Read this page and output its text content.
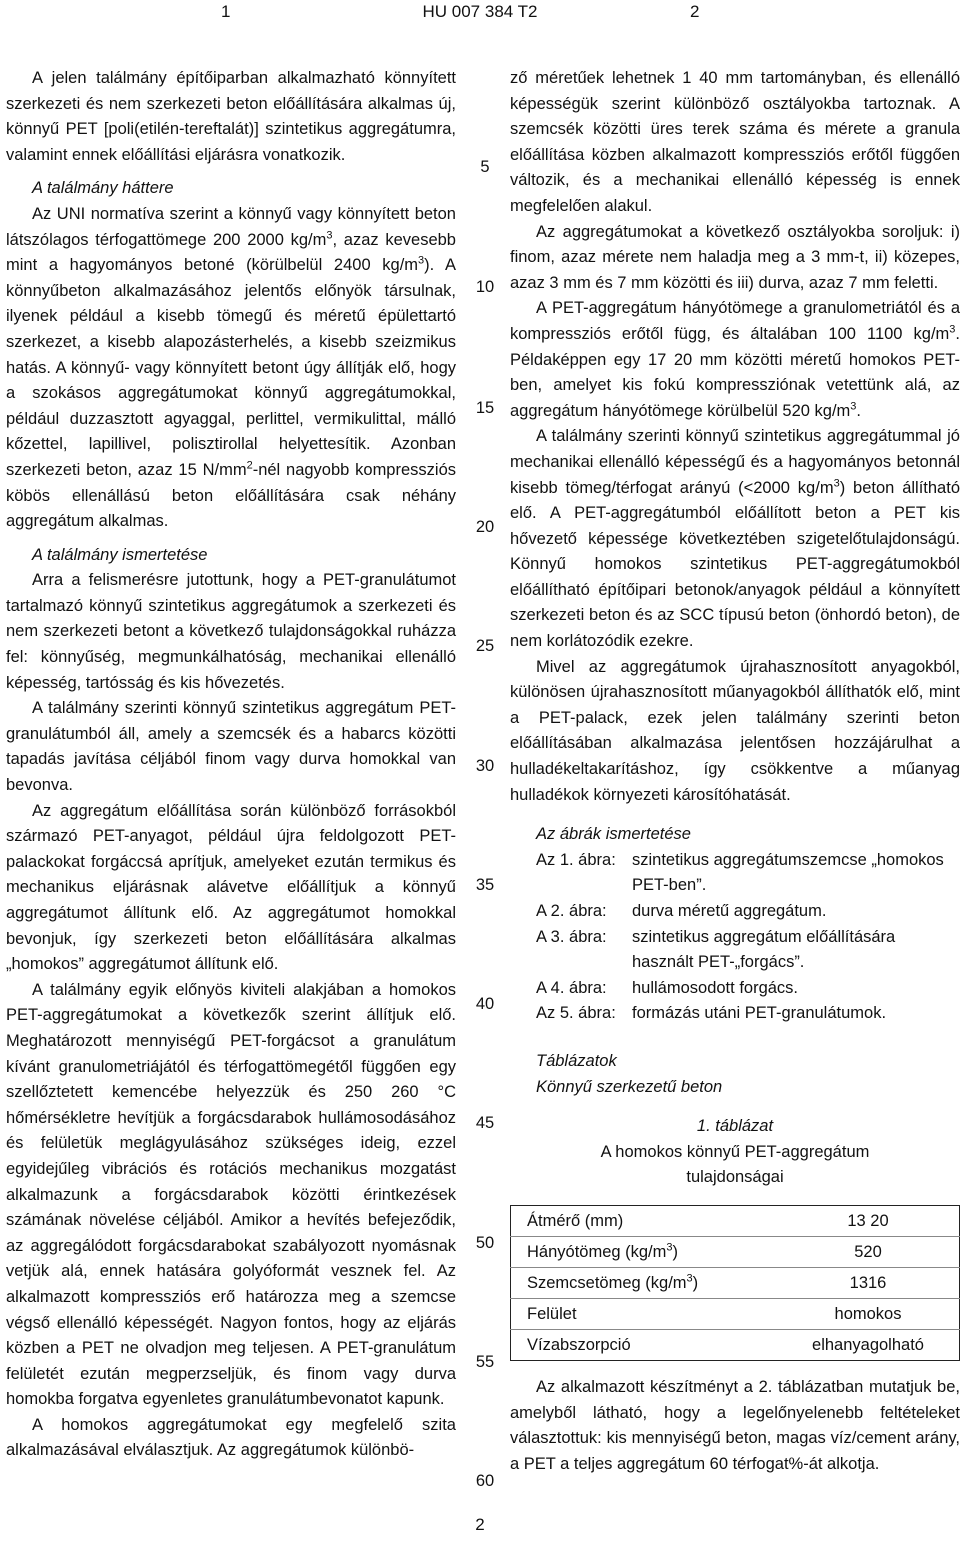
1	HU 007 384 T2	2
5
10
15
20
25
30
35
40
45
50
55
60

A jelen találmány építőiparban alkalmazható könnyített szerkezeti és nem szerkezeti beton előállítására alkalmas új, könnyű PET [poli(etilén-tereftalát)] szintetikus aggregátumra, valamint ennek előállítási eljárásra vonatkozik.

A találmány háttere

Az UNI normatíva szerint a könnyű vagy könnyített beton látszólagos térfogattömege 200 2000 $kg/m^3$, azaz kevesebb mint a hagyományos betoné (körülbelül 2400 $kg/m^3$). A könnyűbeton alkalmazásához jelentős előnyök társulnak, ilyenek például a kisebb tömegű és méretű épülettartó szerkezet, a kisebb alapozásterhelés, a kisebb szeizmikus hatás. A könnyű- vagy könnyített betont úgy állítják elő, hogy a szokásos aggregátumokat könnyű aggregátumokkal, például duzzasztott agyaggal, perlittel, vermikulittal, málló kőzettel, lapillivel, polisztirollal helyettesítik. Azonban szerkezeti beton, azaz 15 $N/mm^2$-nél nagyobb kompressziós köbös ellenállású beton előállítására csak néhány aggregátum alkalmas.

A találmány ismertetése

Arra a felismerésre jutottunk, hogy a PET-granulátumot tartalmazó könnyű szintetikus aggregátumok a szerkezeti és nem szerkezeti betont a következő tulajdonságokkal ruházza fel: könnyűség, megmunkálhatóság, mechanikai ellenálló képesség, tartósság és kis hővezetés.

A találmány szerinti könnyű szintetikus aggregátum PET-granulátumból áll, amely a szemcsék és a habarcs közötti tapadás javítása céljából finom vagy durva homokkal van bevonva.

Az aggregátum előállítása során különböző forrásokból származó PET-anyagot, például újra feldolgozott PET-palackokat forgáccsá aprítjuk, amelyeket ezután termikus és mechanikus eljárásnak alávetve előállítjuk a könnyű aggregátumot állítunk elő. Az aggregátumot homokkal bevonjuk, így szerkezeti beton előállítására alkalmas „homokos” aggregátumot állítunk elő.

A találmány egyik előnyös kiviteli alakjában a homokos PET-aggregátumokat a következők szerint állítjuk elő. Meghatározott mennyiségű PET-forgácsot a granulátum kívánt granulometriájától és térfogattömegétől függően egy szellőztetett kemencébe helyezzük és 250 260 °C hőmérsékletre hevítjük a forgácsdarabok hullámosodásához és felületük meglágyulásához szükséges ideig, ezzel egyidejűleg vibrációs és rotációs mechanikus mozgatást alkalmazunk a forgácsdarabok közötti érintkezések számának növelése céljából. Amikor a hevítés befejeződik, az aggregálódott forgácsdarabokat szabályozott nyomásnak vetjük alá, ennek hatására golyóformát vesznek fel. Az alkalmazott kompressziós erő határozza meg a szemcse végső ellenálló képességét. Nagyon fontos, hogy az eljárás közben a PET ne olvadjon meg teljesen. A PET-granulátum felületét ezután megperzseljük, és finom vagy durva homokba forgatva egyenletes granulátumbevonatot kapunk.

A homokos aggregátumokat egy megfelelő szita alkalmazásával elválasztjuk. Az aggregátumok különbö-

ző méretűek lehetnek 1 40 mm tartományban, és ellenálló képességük szerint különböző osztályokba tartoznak. A szemcsék közötti üres terek száma és mérete a granula előállítása közben alkalmazott kompressziós erőtől függően változik, és a mechanikai ellenálló képesség is ennek megfelelően alakul.

Az aggregátumokat a következő osztályokba soroljuk: i) finom, azaz mérete nem haladja meg a 3 mm-t, ii) közepes, azaz 3 mm és 7 mm közötti és iii) durva, azaz 7 mm feletti.

A PET-aggregátum hányótömege a granulometriától és a kompressziós erőtől függ, és általában 100 1100 $kg/m^3$. Példaképpen egy 17 20 mm közötti méretű homokos PET-ben, amelyet kis fokú kompressziónak vetettünk alá, az aggregátum hányótömege körülbelül 520 $kg/m^3$.

A találmány szerinti könnyű szintetikus aggregátummal jó mechanikai ellenálló képességű és a hagyományos betonnál kisebb tömeg/térfogat arányú (<2000 $kg/m^3$) beton állítható elő. A PET-aggregátumból előállított beton a PET kis hővezető képessége következtében szigetelőtulajdonságú. Könnyű homokos szintetikus PET-aggregátumokból előállítható építőipari betonok/anyagok például a könnyített szerkezeti beton és az SCC típusú beton (önhordó beton), de nem korlátozódik ezekre.

Mivel az aggregátumok újrahasznosított anyagokból, különösen újrahasznosított műanyagokból állíthatók elő, mint a PET-palack, ezek jelen találmány szerinti beton előállításában alkalmazása jelentősen hozzájárulhat a hulladékeltakarításhoz, így csökkentve a műanyag hulladékok környezeti károsítóhatását.

Az ábrák ismertetése
Az 1. ábra: szintetikus aggregátumszemcse „homokos PET-ben”.
A 2. ábra:	durva méretű aggregátum.
A 3. ábra:	szintetikus aggregátum előállítására használt PET-„forgács”.
A 4. ábra:	hullámosodott forgács.
Az 5. ábra: formázás utáni PET-granulátumok.

Táblázatok

Könnyű szerkezetű beton

1. táblázat
A homokos könnyű PET-aggregátum
tulajdonságai
Átmérő (mm)	13 20
Hányótömeg $(kg/m^3)$	520
Szemcsetömeg $(kg/m^3)$	1316
Felület	homokos
Vízabszorpció	elhanyagolható

Az alkalmazott készítményt a 2. táblázatban mutatjuk be, amelyből látható, hogy a legelőnyelenebb feltételeket választottuk: kis mennyiségű beton, magas víz/cement arány, a PET a teljes aggregátum 60 térfogat%-át alkotja.

2
